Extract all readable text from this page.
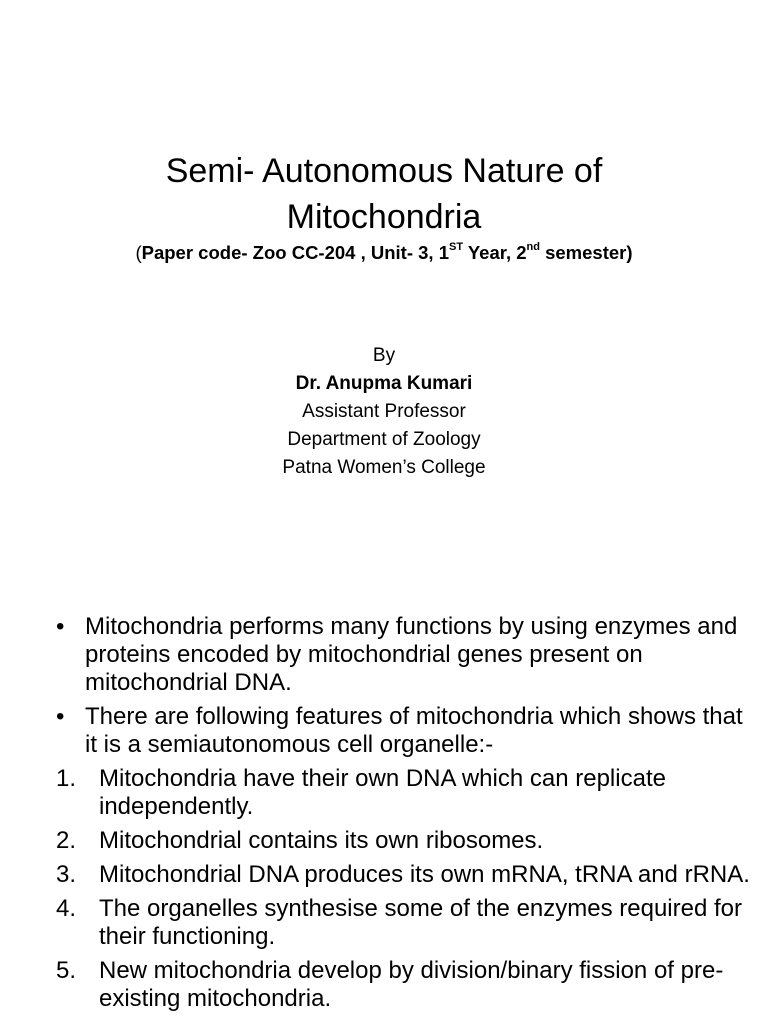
Semi- Autonomous Nature of
Mitochondria
(Paper code- Zoo CC-204 , Unit- 3, 1ST Year, 2nd semester)
By
Dr. Anupma Kumari
Assistant Professor
Department of Zoology
Patna Women’s College
• Mitochondria performs many functions by using enzymes and proteins encoded by mitochondrial genes present on mitochondrial DNA.
• There are following features of mitochondria which shows that it is a semiautonomous cell organelle:-
1. Mitochondria have their own DNA which can replicate independently.
2. Mitochondrial contains its own ribosomes.
3. Mitochondrial DNA produces its own mRNA, tRNA and rRNA.
4. The organelles synthesise some of the enzymes required for their functioning.
5. New mitochondria develop by division/binary fission of pre-existing mitochondria.
